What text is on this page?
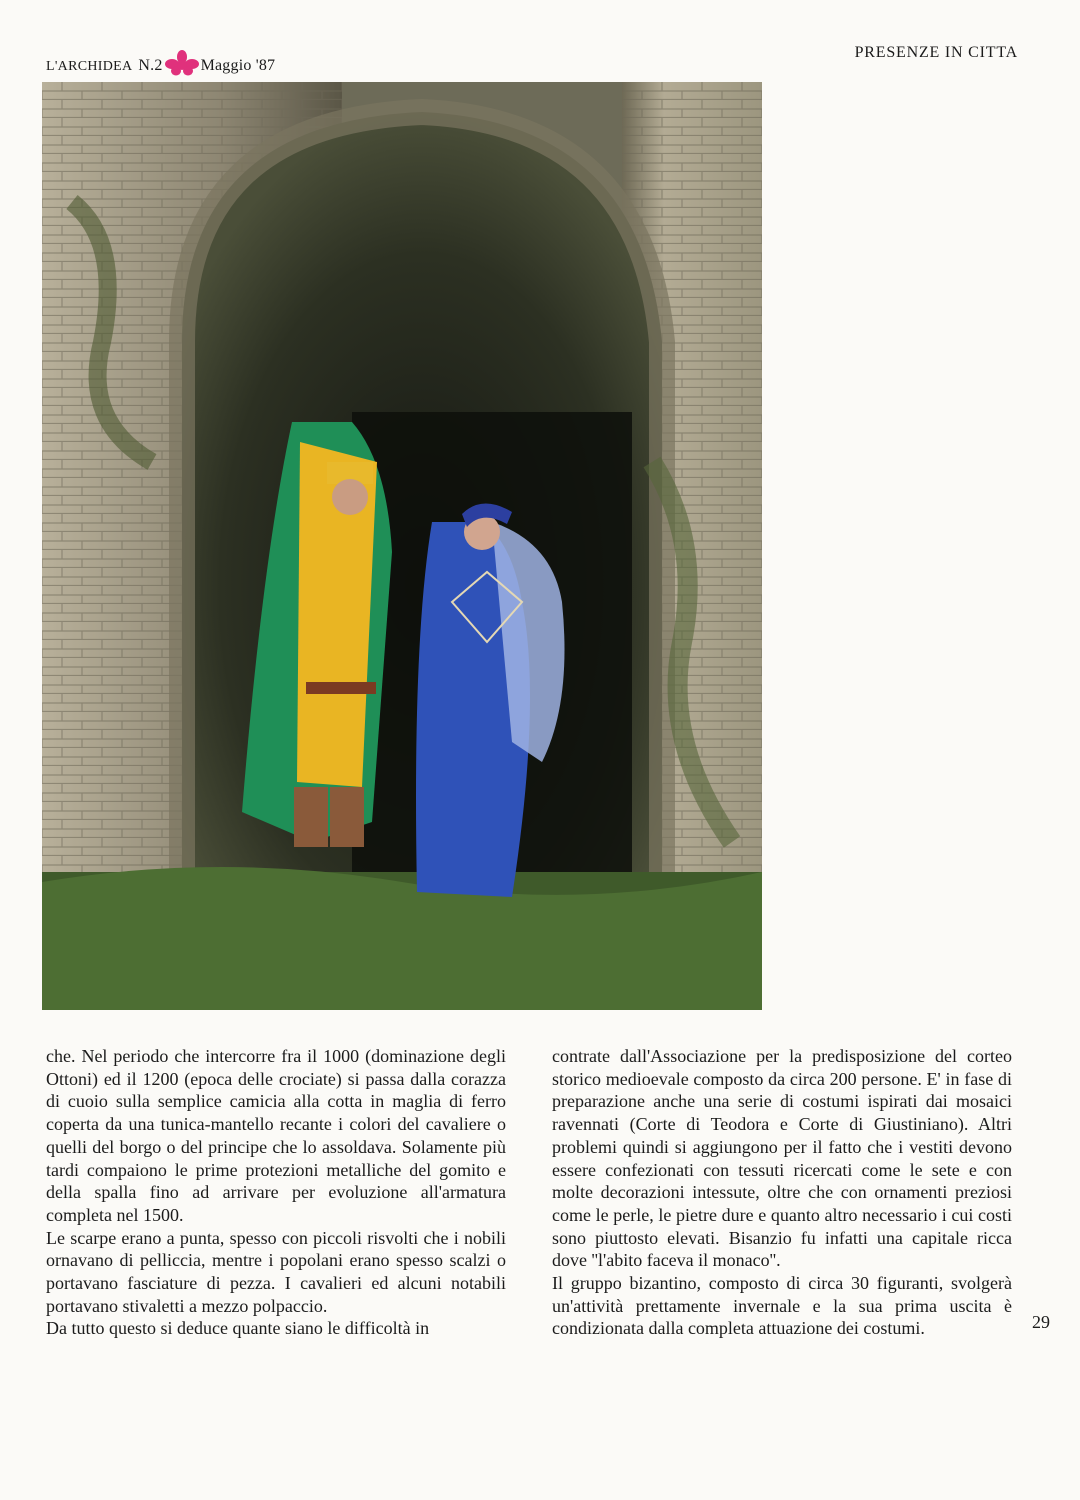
L'ARCHIDEA N.2 Maggio '87
PRESENZE IN CITTA

che. Nel periodo che intercorre fra il 1000 (dominazione degli Ottoni) ed il 1200 (epoca delle crociate) si passa dalla corazza di cuoio sulla semplice camicia alla cotta in maglia di ferro coperta da una tunica-mantello recante i colori del cavaliere o quelli del borgo o del principe che lo assoldava. Solamente più tardi compaiono le prime protezioni metalliche del gomito e della spalla fino ad arrivare per evoluzione all'armatura completa nel 1500.

Le scarpe erano a punta, spesso con piccoli risvolti che i nobili ornavano di pelliccia, mentre i popolani erano spesso scalzi o portavano fasciature di pezza. I cavalieri ed alcuni notabili portavano stivaletti a mezzo polpaccio.

Da tutto questo si deduce quante siano le difficoltà in

contrate dall'Associazione per la predisposizione del corteo storico medioevale composto da circa 200 persone. E' in fase di preparazione anche una serie di costumi ispirati dai mosaici ravennati (Corte di Teodora e Corte di Giustiniano). Altri problemi quindi si aggiungono per il fatto che i vestiti devono essere confezionati con tessuti ricercati come le sete e con molte decorazioni intessute, oltre che con ornamenti preziosi come le perle, le pietre dure e quanto altro necessario i cui costi sono piuttosto elevati. Bisanzio fu infatti una capitale ricca dove ''l'abito faceva il monaco''.

Il gruppo bizantino, composto di circa 30 figuranti, svolgerà un'attività prettamente invernale e la sua prima uscita è condizionata dalla completa attuazione dei costumi.	29
